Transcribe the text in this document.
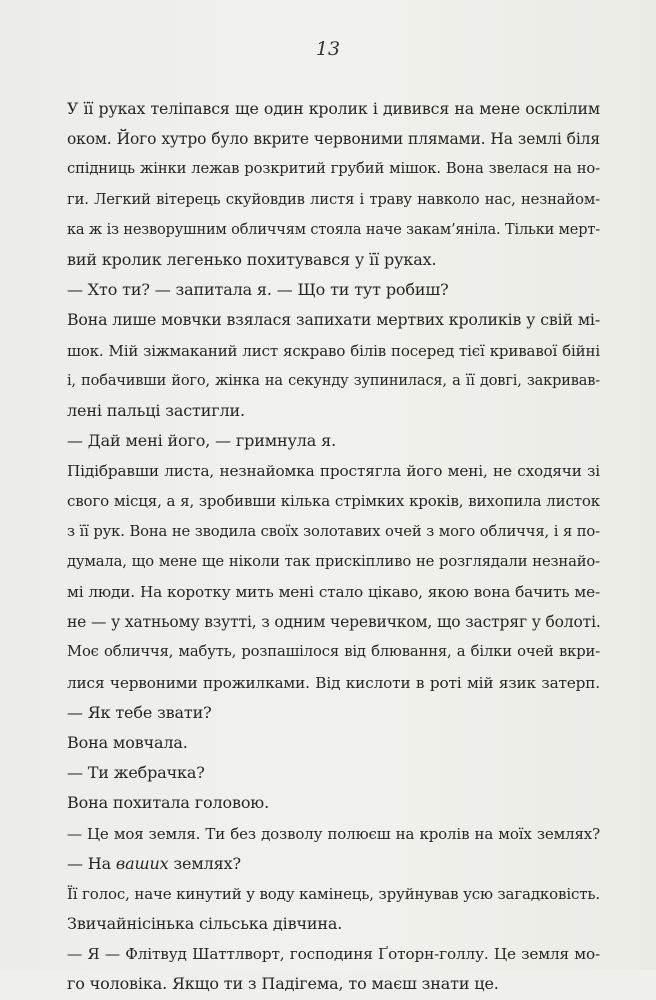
13
У її руках теліпався ще один кролик і дивився на мене осклілим
оком. Його хутро було вкрите червоними плямами. На землі біля
спідниць жінки лежав розкритий грубий мішок. Вона звелася на но-
ги. Легкий вітерець скуйовдив листя і траву навколо нас, незнайом-
ка ж із незворушним обличчям стояла наче закам’яніла. Тільки мерт-
вий кролик легенько похитувався у її руках.
— Хто ти? — запитала я. — Що ти тут робиш?
Вона лише мовчки взялася запихати мертвих кроликів у свій мі-
шок. Мій зіжмаканий лист яскраво білів посеред тієї кривавої бійні
і, побачивши його, жінка на секунду зупинилася, а її довгі, закривав-
лені пальці застигли.
— Дай мені його, — гримнула я.
Підібравши листа, незнайомка простягла його мені, не сходячи зі
свого місця, а я, зробивши кілька стрімких кроків, вихопила листок
з її рук. Вона не зводила своїх золотавих очей з мого обличчя, і я по-
думала, що мене ще ніколи так прискіпливо не розглядали незнайо-
мі люди. На коротку мить мені стало цікаво, якою вона бачить ме-
не — у хатньому взутті, з одним черевичком, що застряг у болоті.
Моє обличчя, мабуть, розпашілося від блювання, а білки очей вкри-
лися червоними прожилками. Від кислоти в роті мій язик затерп.
— Як тебе звати?
Вона мовчала.
— Ти жебрачка?
Вона похитала головою.
— Це моя земля. Ти без дозволу полюєш на кролів на моїх землях?
— На ваших землях?
Її голос, наче кинутий у воду камінець, зруйнував усю загадковість.
Звичайнісінька сільська дівчина.
— Я — Флітвуд Шаттлворт, господиня Ґоторн-голлу. Це земля мо-
го чоловіка. Якщо ти з Падігема, то маєш знати це.
